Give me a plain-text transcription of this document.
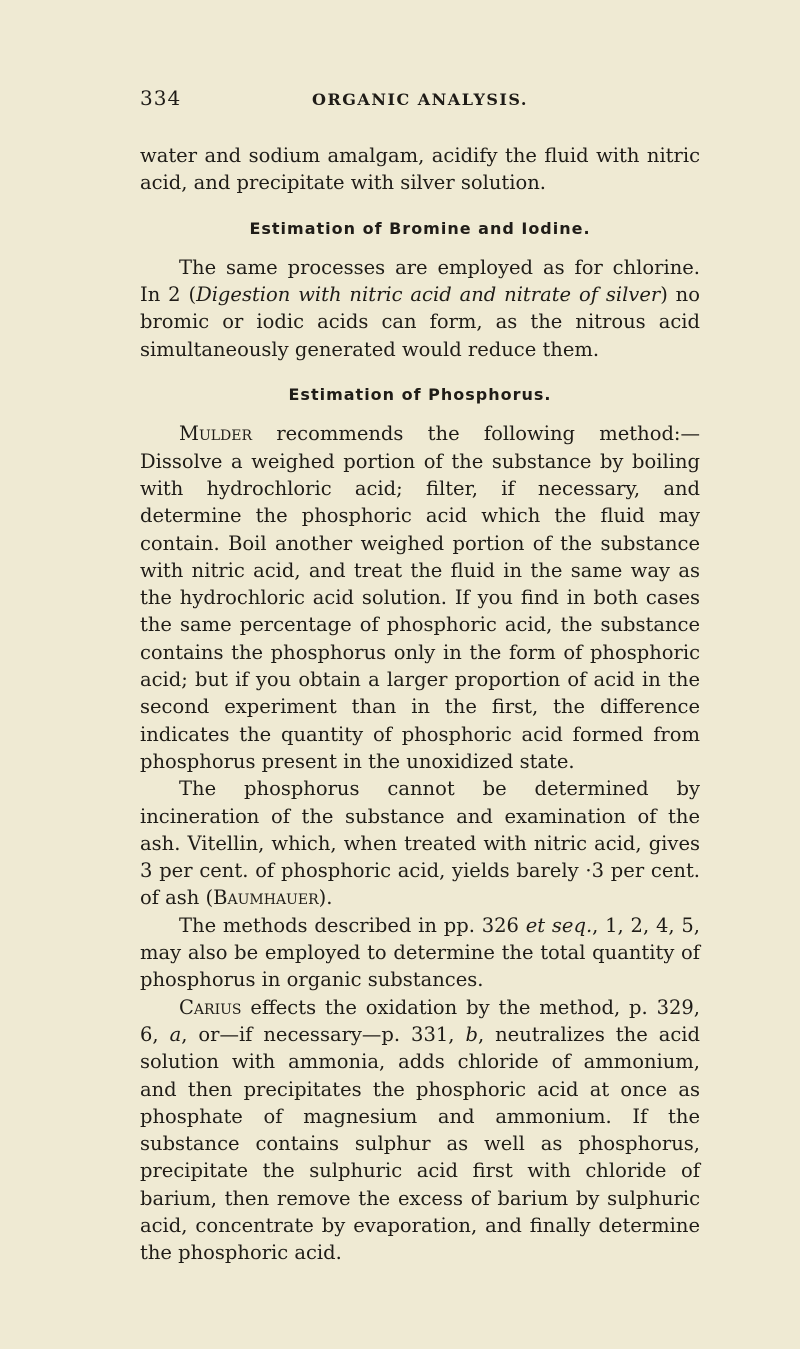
334	ORGANIC ANALYSIS.

water and sodium amalgam, acidify the fluid with nitric acid, and precipitate with silver solution.

Estimation of Bromine and Iodine.

The same processes are employed as for chlorine. In 2 (Digestion with nitric acid and nitrate of silver) no bromic or iodic acids can form, as the nitrous acid simultaneously generated would reduce them.

Estimation of Phosphorus.

Mulder recommends the following method:—Dissolve a weighed portion of the substance by boiling with hydrochloric acid; filter, if necessary, and determine the phosphoric acid which the fluid may contain. Boil another weighed portion of the substance with nitric acid, and treat the fluid in the same way as the hydrochloric acid solution. If you find in both cases the same percentage of phosphoric acid, the substance contains the phosphorus only in the form of phosphoric acid; but if you obtain a larger proportion of acid in the second experiment than in the first, the difference indicates the quantity of phosphoric acid formed from phosphorus present in the unoxidized state.

The phosphorus cannot be determined by incineration of the substance and examination of the ash. Vitellin, which, when treated with nitric acid, gives 3 per cent. of phosphoric acid, yields barely ·3 per cent. of ash (Baumhauer).

The methods described in pp. 326 et seq., 1, 2, 4, 5, may also be employed to determine the total quantity of phosphorus in organic substances.

Carius effects the oxidation by the method, p. 329, 6, a, or—if necessary—p. 331, b, neutralizes the acid solution with ammonia, adds chloride of ammonium, and then precipitates the phosphoric acid at once as phosphate of magnesium and ammonium. If the substance contains sulphur as well as phosphorus, precipitate the sulphuric acid first with chloride of barium, then remove the excess of barium by sulphuric acid, concentrate by evaporation, and finally determine the phosphoric acid.
